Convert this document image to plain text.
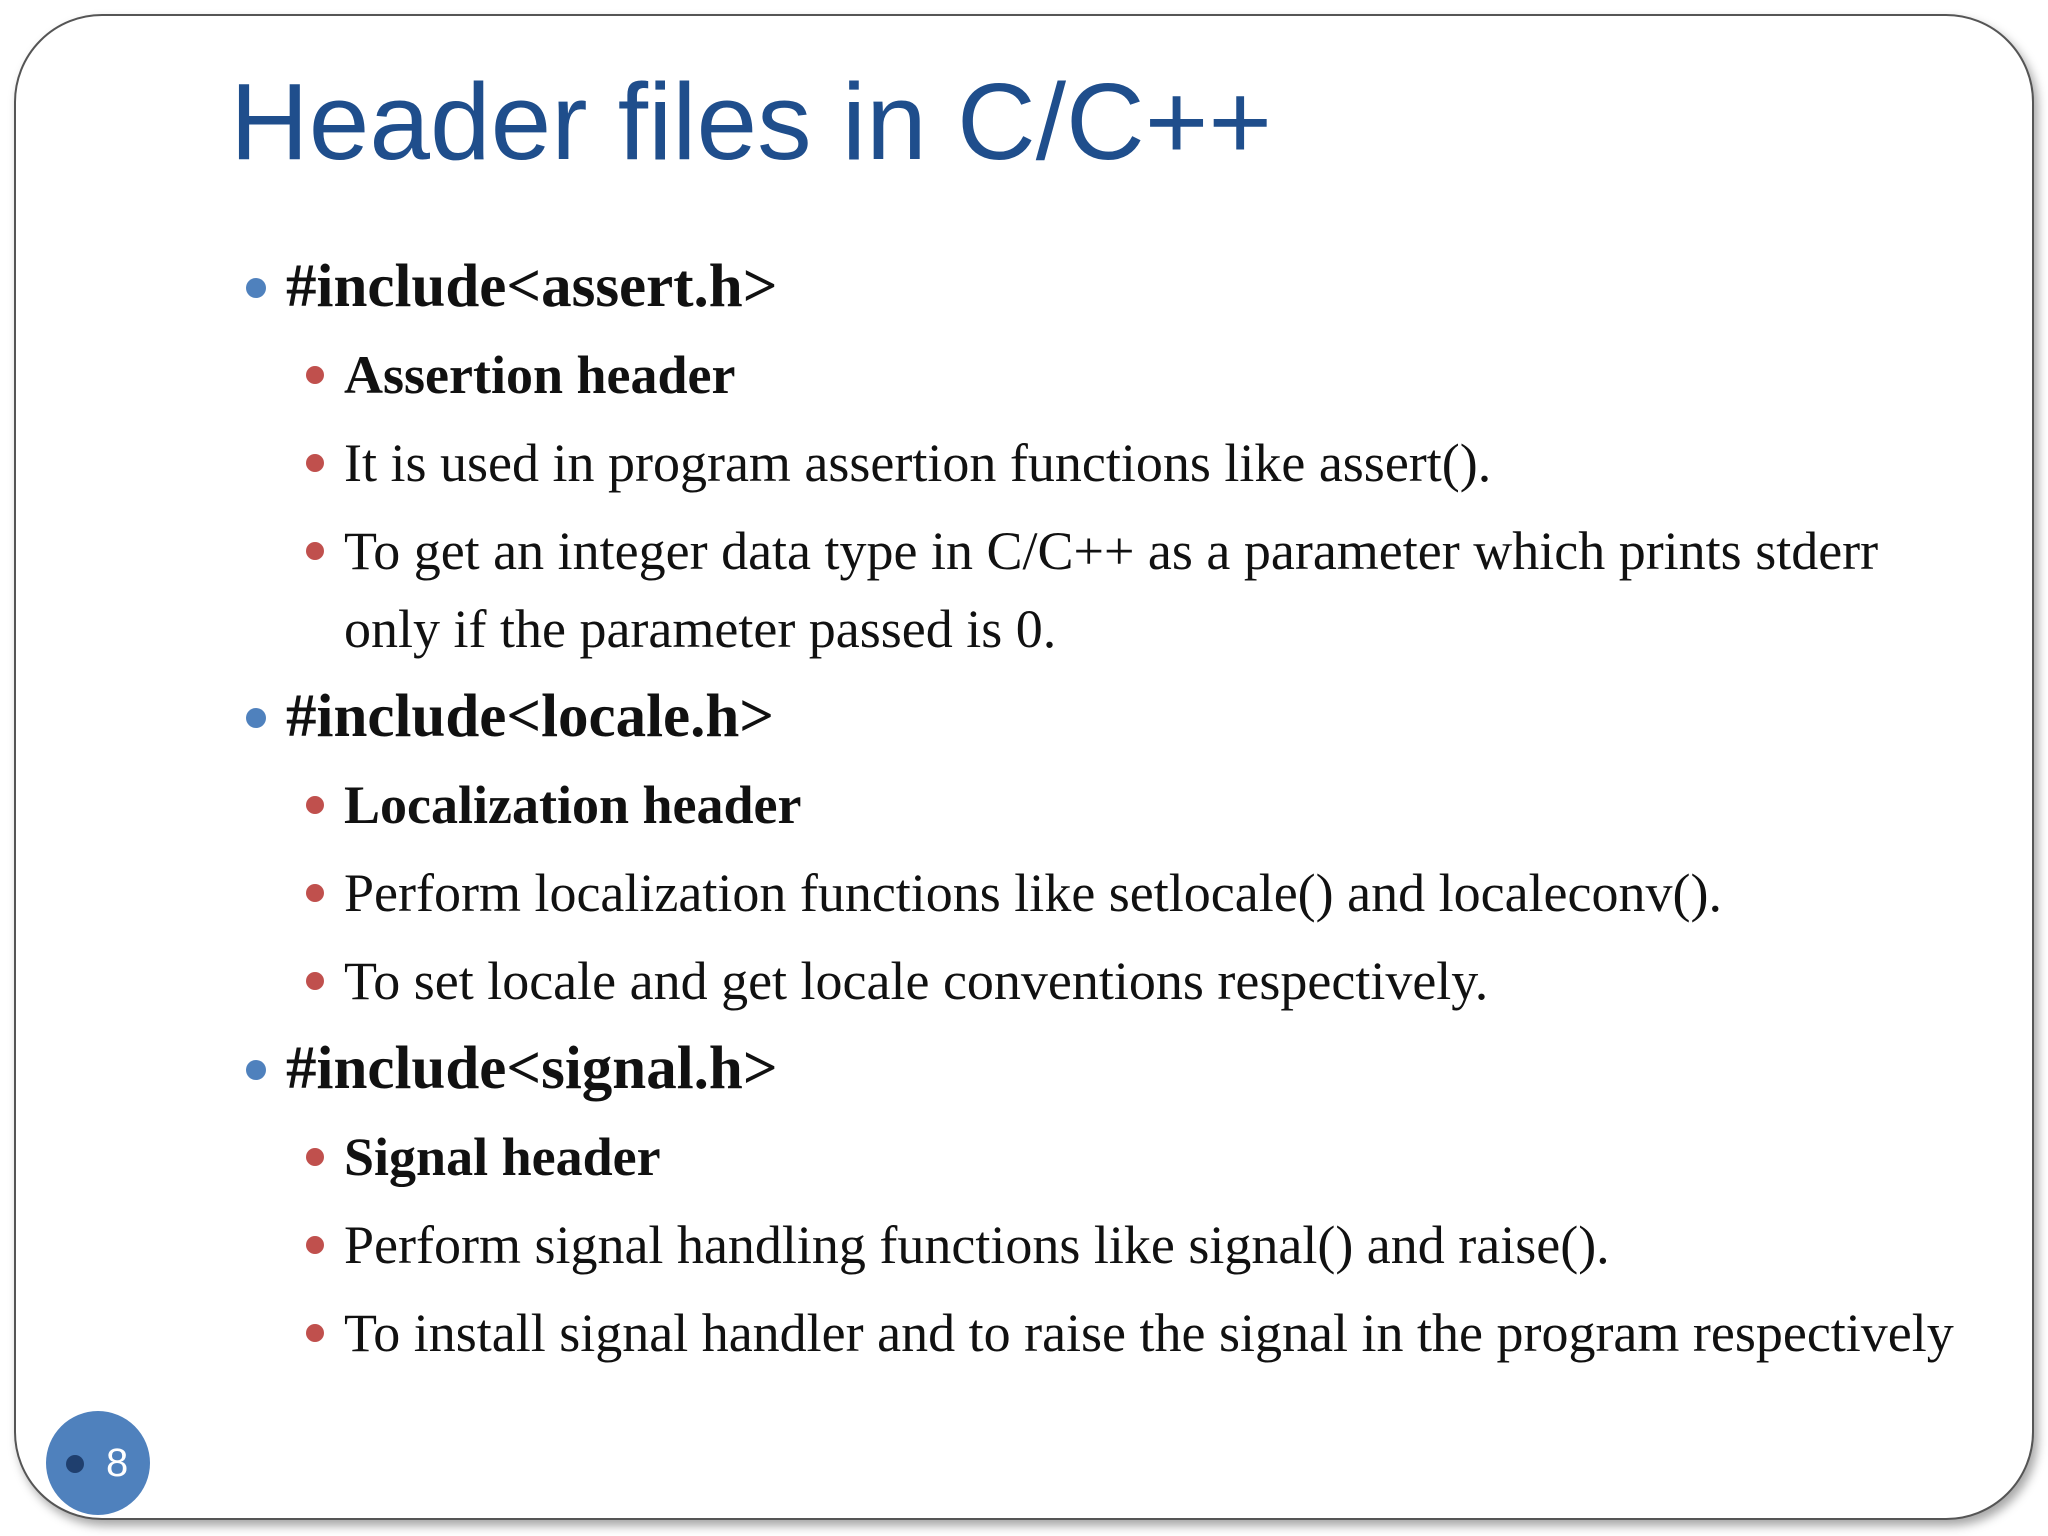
Header files in C/C++
#include<assert.h>
Assertion header
It is used in program assertion functions like assert().
To get an integer data type in C/C++ as a parameter which prints stderr only if the parameter passed is 0.
#include<locale.h>
Localization header
Perform localization functions like setlocale() and localeconv().
To set locale and get locale conventions respectively.
#include<signal.h>
Signal header
Perform signal handling functions like signal() and raise().
To install signal handler and to raise the signal in the program respectively
8
